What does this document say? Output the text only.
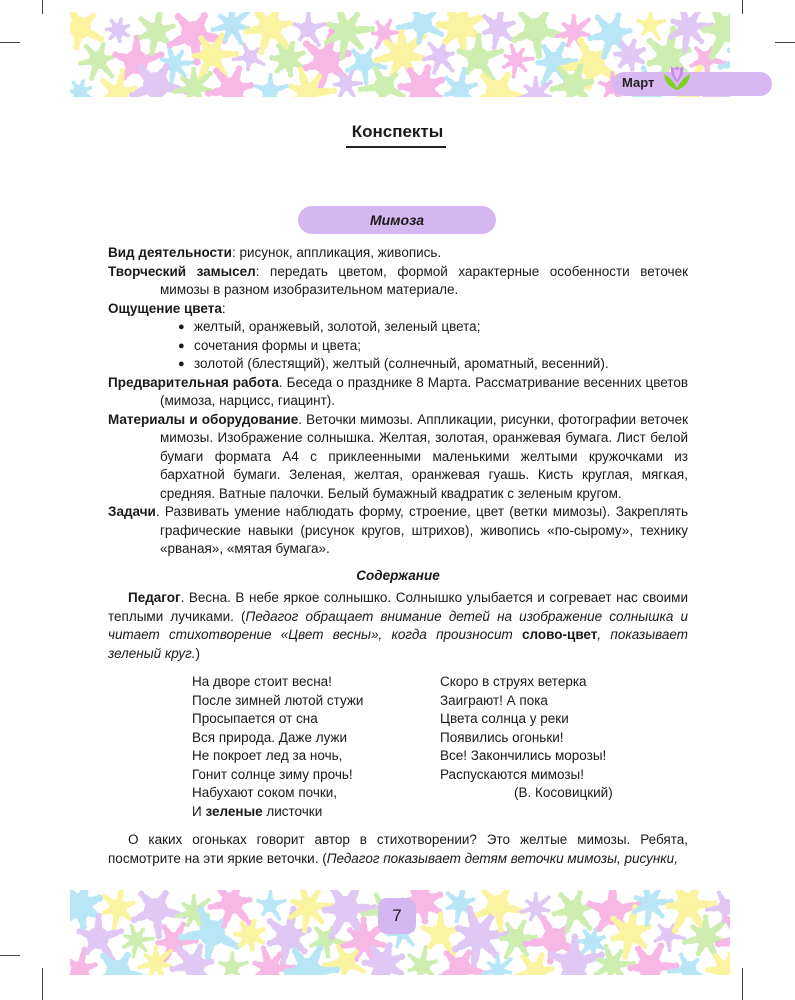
Март
Конспекты
Мимоза

Вид деятельности: рисунок, аппликация, живопись.

Творческий замысел: передать цветом, формой характерные особенности веточек мимозы в разном изобразительном материале.

Ощущение цвета:

● желтый, оранжевый, золотой, зеленый цвета;
● сочетания формы и цвета;
● золотой (блестящий), желтый (солнечный, ароматный, весенний).

Предварительная работа. Беседа о празднике 8 Марта. Рассматривание весенних цветов (мимоза, нарцисс, гиацинт).

Материалы и оборудование. Веточки мимозы. Аппликации, рисунки, фотографии веточек мимозы. Изображение солнышка. Желтая, золотая, оранжевая бумага. Лист белой бумаги формата А4 с приклеенными маленькими желтыми кружочками из бархатной бумаги. Зеленая, желтая, оранжевая гуашь. Кисть круглая, мягкая, средняя. Ватные палочки. Белый бумажный квадратик с зеленым кругом.

Задачи. Развивать умение наблюдать форму, строение, цвет (ветки мимозы). Закреплять графические навыки (рисунок кругов, штрихов), живопись «по-сырому», технику «рваная», «мятая бумага».

Содержание

Педагог. Весна. В небе яркое солнышко. Солнышко улыбается и согревает нас своими теплыми лучиками. (Педагог обращает внимание детей на изображение солнышка и читает стихотворение «Цвет весны», когда произносит слово-цвет, показывает зеленый круг.)

На дворе стоит весна!
После зимней лютой стужи
Просыпается от сна
Вся природа. Даже лужи
Не покроет лед за ночь,
Гонит солнце зиму прочь!
Набухают соком почки,
И зеленые листочки
Скоро в струях ветерка
Заиграют! А пока
Цвета солнца у реки
Появились огоньки!
Все! Закончились морозы!
Распускаются мимозы!
(В. Косовицкий)

О каких огоньках говорит автор в стихотворении? Это желтые мимозы. Ребята, посмотрите на эти яркие веточки. (Педагог показывает детям веточки мимозы, рисунки,

7
